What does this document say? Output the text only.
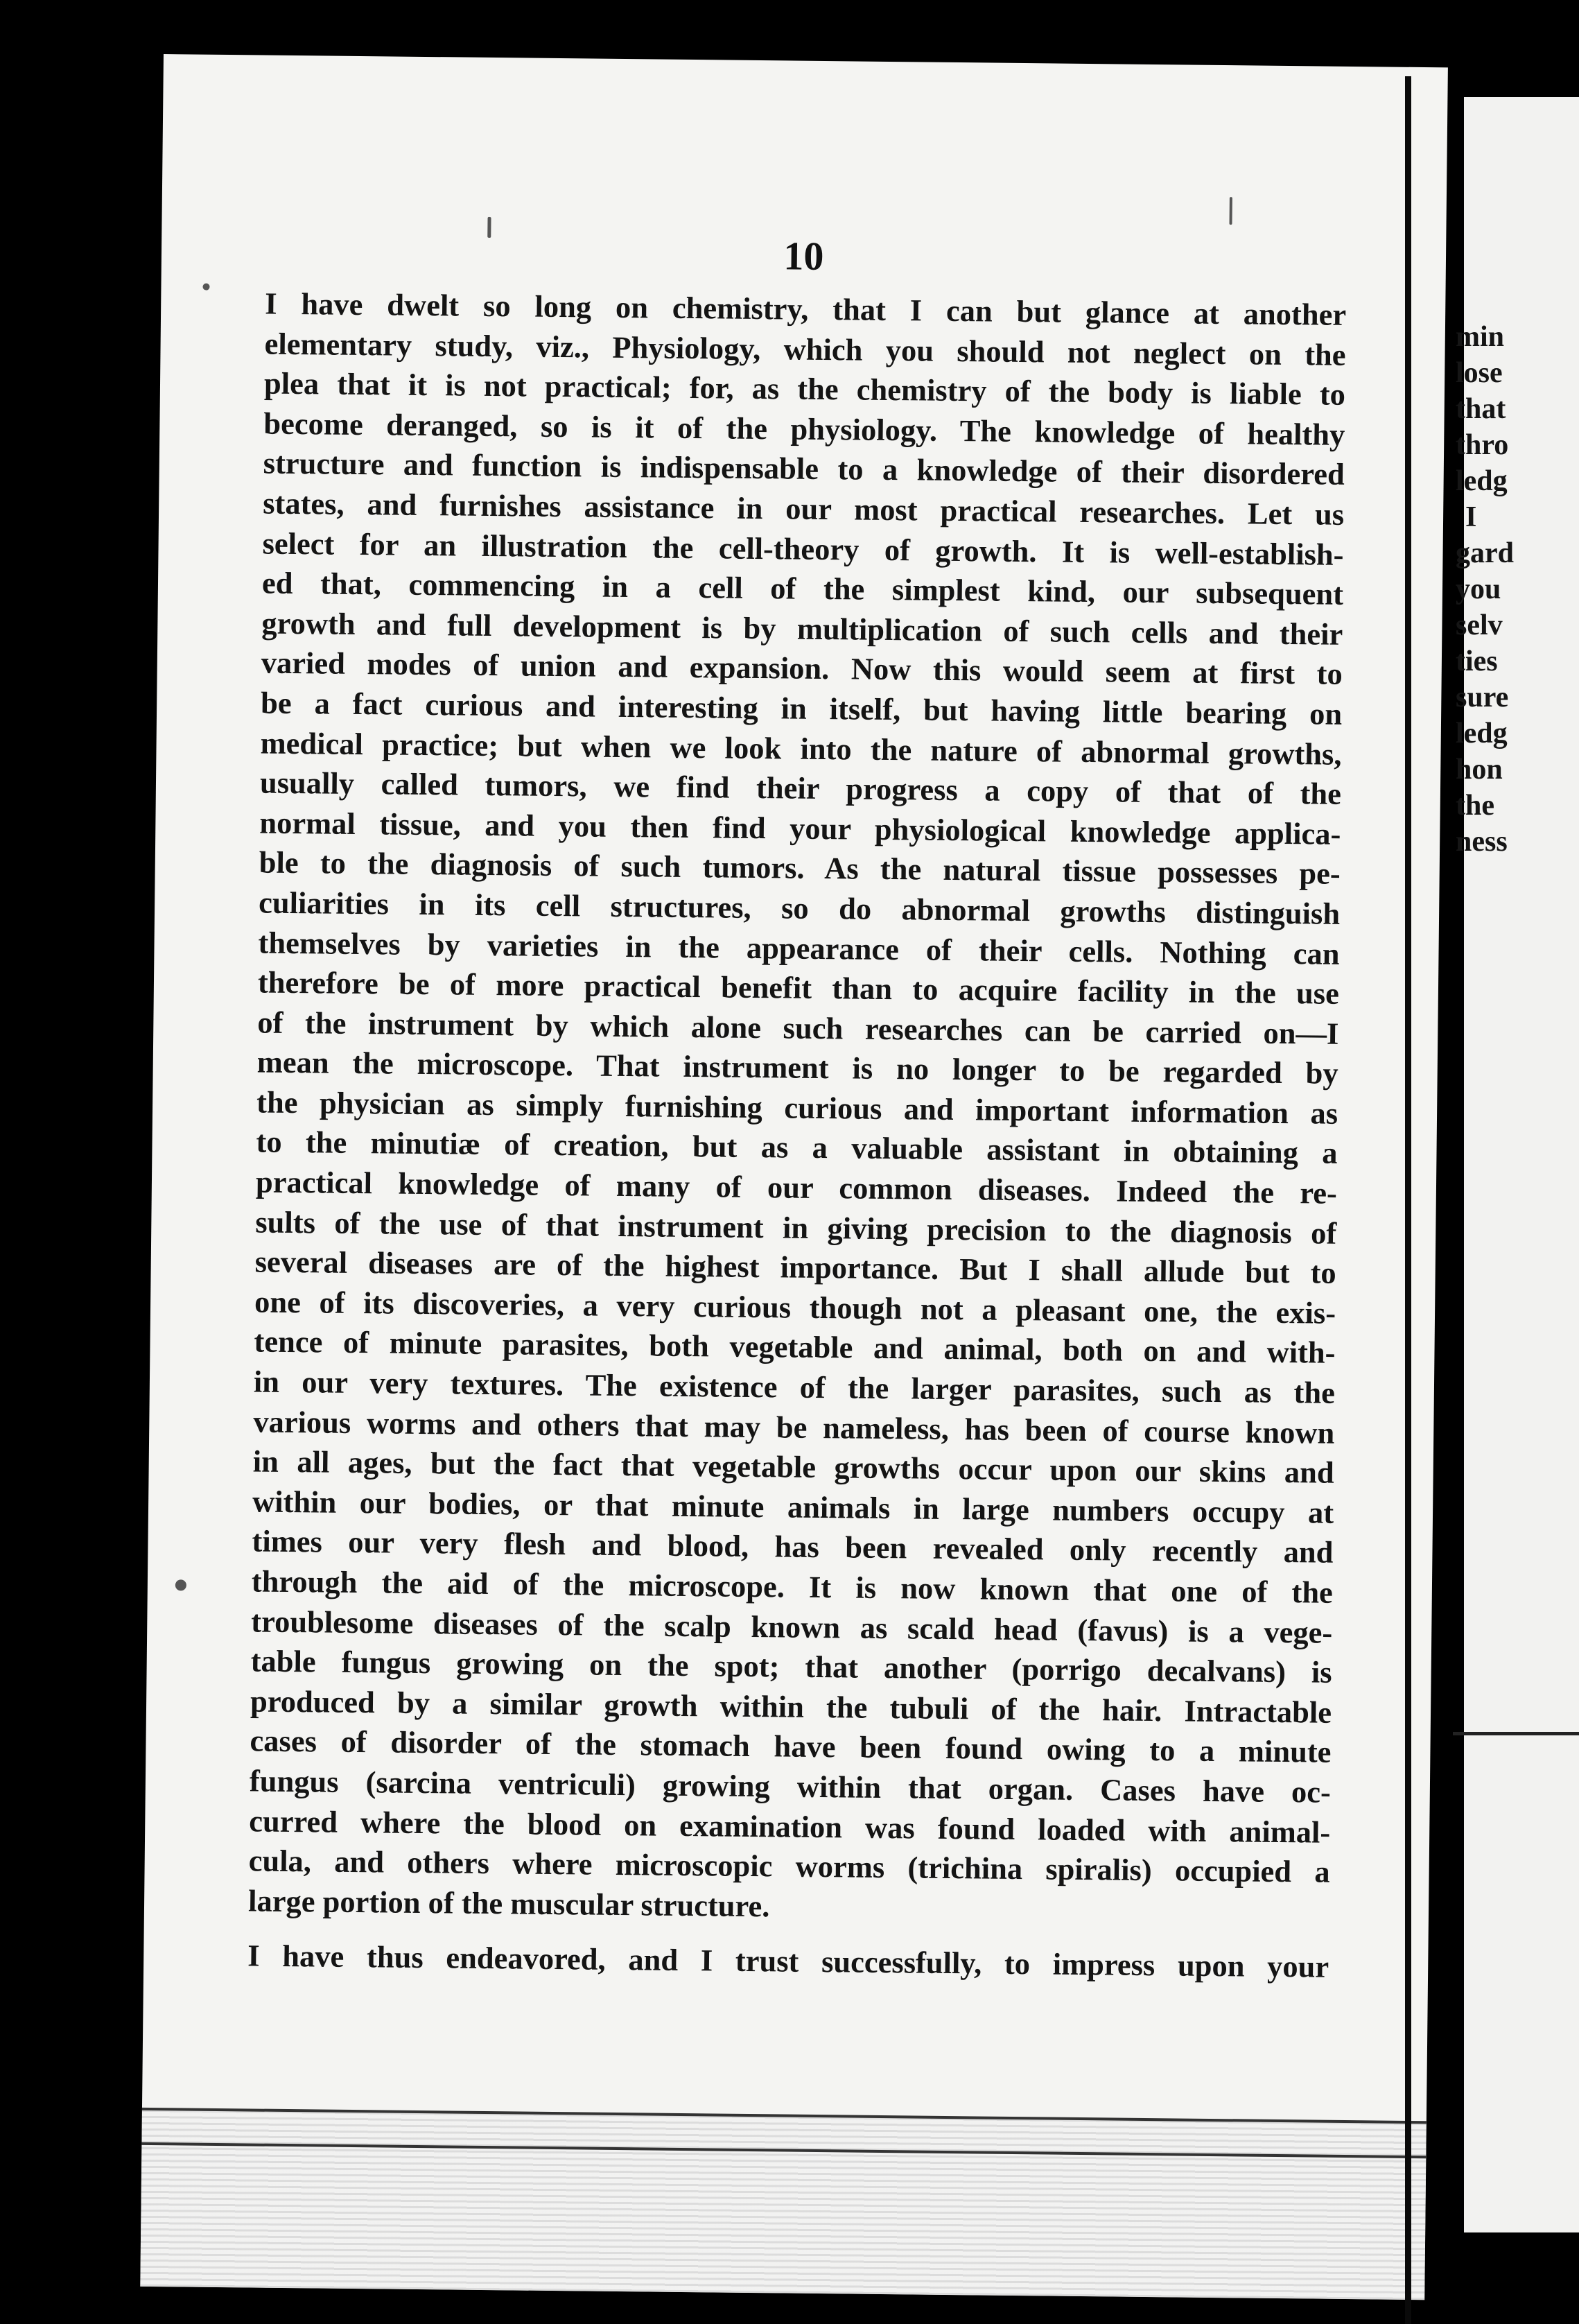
10
I have dwelt so long on chemistry, that I can but glance at another
elementary study, viz., Physiology, which you should not neglect on the
plea that it is not practical; for, as the chemistry of the body is liable to
become deranged, so is it of the physiology. The knowledge of healthy
structure and function is indispensable to a knowledge of their disordered
states, and furnishes assistance in our most practical researches. Let us
select for an illustration the cell-theory of growth. It is well-establish-
ed that, commencing in a cell of the simplest kind, our subsequent
growth and full development is by multiplication of such cells and their
varied modes of union and expansion. Now this would seem at first to
be a fact curious and interesting in itself, but having little bearing on
medical practice; but when we look into the nature of abnormal growths,
usually called tumors, we find their progress a copy of that of the
normal tissue, and you then find your physiological knowledge applica-
ble to the diagnosis of such tumors. As the natural tissue possesses pe-
culiarities in its cell structures, so do abnormal growths distinguish
themselves by varieties in the appearance of their cells. Nothing can
therefore be of more practical benefit than to acquire facility in the use
of the instrument by which alone such researches can be carried on—I
mean the microscope. That instrument is no longer to be regarded by
the physician as simply furnishing curious and important information as
to the minutiæ of creation, but as a valuable assistant in obtaining a
practical knowledge of many of our common diseases. Indeed the re-
sults of the use of that instrument in giving precision to the diagnosis of
several diseases are of the highest importance. But I shall allude but to
one of its discoveries, a very curious though not a pleasant one, the exis-
tence of minute parasites, both vegetable and animal, both on and with-
in our very textures. The existence of the larger parasites, such as the
various worms and others that may be nameless, has been of course known
in all ages, but the fact that vegetable growths occur upon our skins and
within our bodies, or that minute animals in large numbers occupy at
times our very flesh and blood, has been revealed only recently and
through the aid of the microscope. It is now known that one of the
troublesome diseases of the scalp known as scald head (favus) is a vege-
table fungus growing on the spot; that another (porrigo decalvans) is
produced by a similar growth within the tubuli of the hair. Intractable
cases of disorder of the stomach have been found owing to a minute
fungus (sarcina ventriculi) growing within that organ. Cases have oc-
curred where the blood on examination was found loaded with animal-
cula, and others where microscopic worms (trichina spiralis) occupied a
large portion of the muscular structure.
I have thus endeavored, and I trust successfully, to impress upon your
min
lose
that
thro
ledg
I
gard
you
selv
ties
sure
ledg
hon
the
ness
